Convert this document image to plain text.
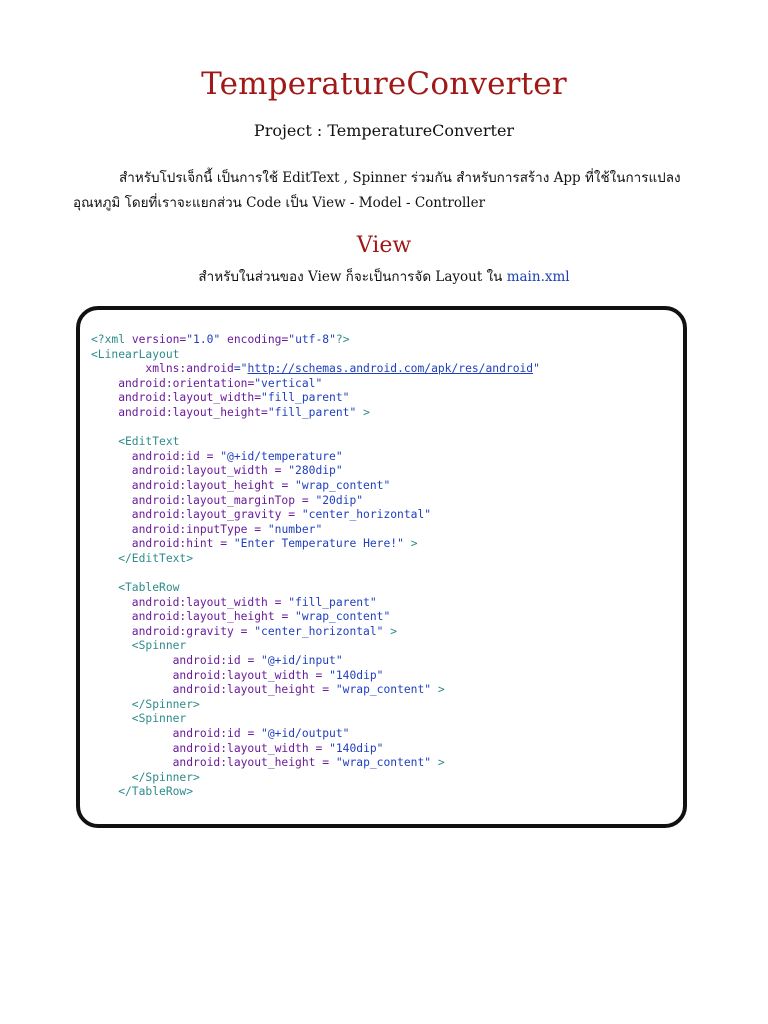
TemperatureConverter
Project : TemperatureConverter

สำหรับโปรเจ็กนี้ เป็นการใช้ EditText , Spinner ร่วมกัน สำหรับการสร้าง App ที่ใช้ในการแปลง

อุณหภูมิ โดยที่เราจะแยกส่วน Code เป็น View - Model - Controller

View
สำหรับในส่วนของ View ก็จะเป็นการจัด Layout ใน main.xml
<?xml version="1.0" encoding="utf-8"?>
<LinearLayout
xmlns:android="http://schemas.android.com/apk/res/android"
android:orientation="vertical"
android:layout_width="fill_parent"
android:layout_height="fill_parent" >

<EditText
android:id = "@+id/temperature"
android:layout_width = "280dip"
android:layout_height = "wrap_content"
android:layout_marginTop = "20dip"
android:layout_gravity = "center_horizontal"
android:inputType = "number"
android:hint = "Enter Temperature Here!" >
</EditText>

<TableRow
android:layout_width = "fill_parent"
android:layout_height = "wrap_content"
android:gravity = "center_horizontal" >
<Spinner
android:id = "@+id/input"
android:layout_width = "140dip"
android:layout_height = "wrap_content" >
</Spinner>
<Spinner
android:id = "@+id/output"
android:layout_width = "140dip"
android:layout_height = "wrap_content" >
</Spinner>
</TableRow>
